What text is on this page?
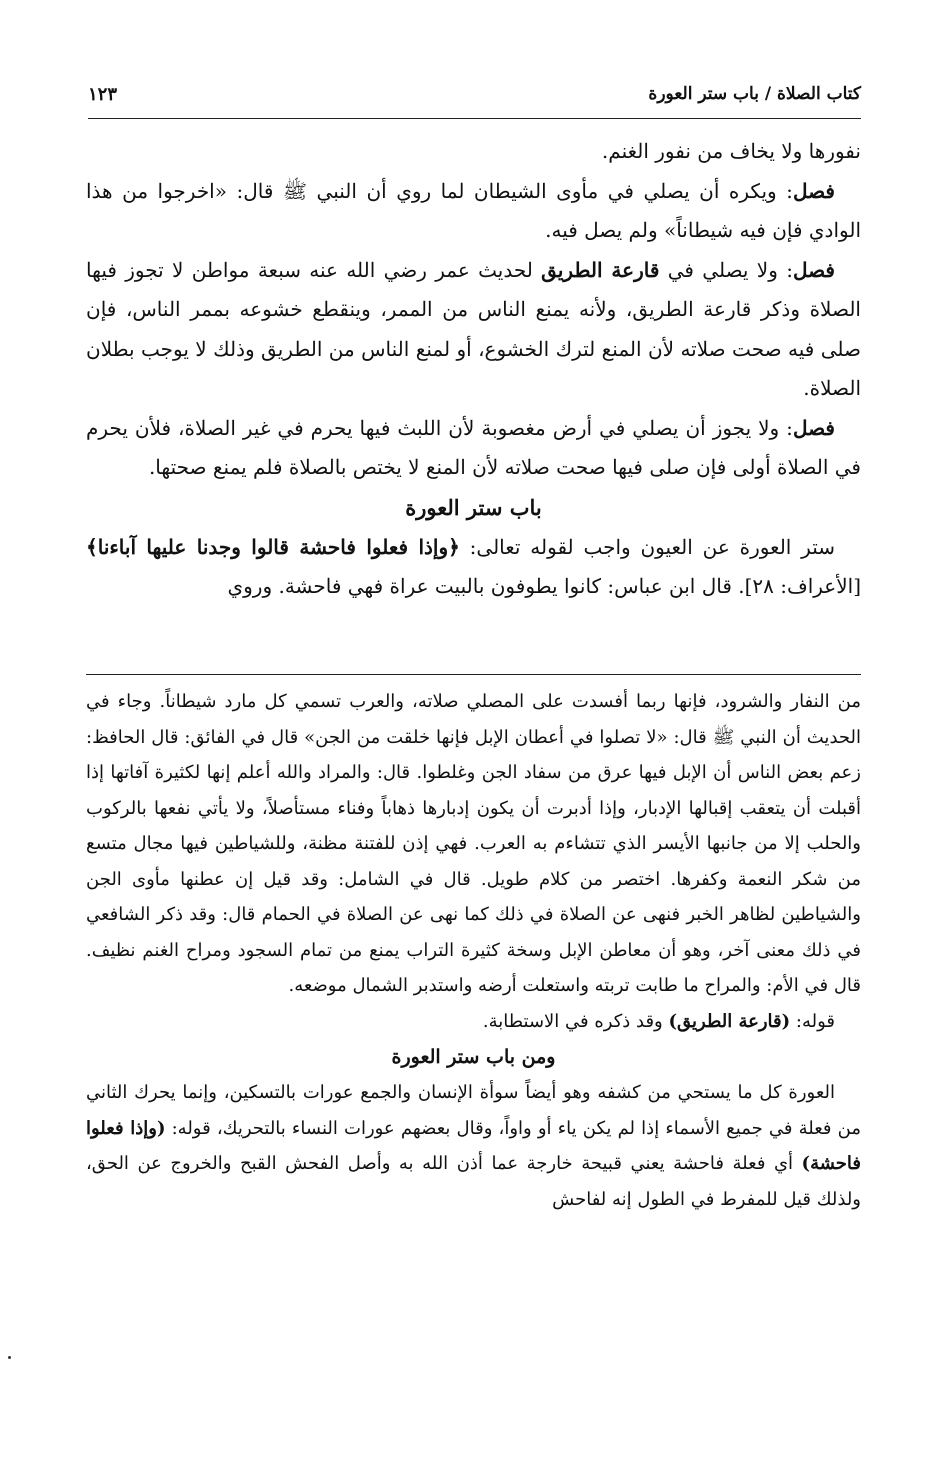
كتاب الصلاة / باب ستر العورة
١٢٣

نفورها ولا يخاف من نفور الغنم.

فصل: ويكره أن يصلي في مأوى الشيطان لما روي أن النبي ﷺ قال: «اخرجوا من هذا الوادي فإن فيه شيطاناً» ولم يصل فيه.

فصل: ولا يصلي في قارعة الطريق لحديث عمر رضي الله عنه سبعة مواطن لا تجوز فيها الصلاة وذكر قارعة الطريق، ولأنه يمنع الناس من الممر، وينقطع خشوعه بممر الناس، فإن صلى فيه صحت صلاته لأن المنع لترك الخشوع، أو لمنع الناس من الطريق وذلك لا يوجب بطلان الصلاة.

فصل: ولا يجوز أن يصلي في أرض مغصوبة لأن اللبث فيها يحرم في غير الصلاة، فلأن يحرم في الصلاة أولى فإن صلى فيها صحت صلاته لأن المنع لا يختص بالصلاة فلم يمنع صحتها.

باب ستر العورة

ستر العورة عن العيون واجب لقوله تعالى: ﴿وإذا فعلوا فاحشة قالوا وجدنا عليها آباءنا﴾ [الأعراف: ٢٨]. قال ابن عباس: كانوا يطوفون بالبيت عراة فهي فاحشة. وروي

من النفار والشرود، فإنها ربما أفسدت على المصلي صلاته، والعرب تسمي كل مارد شيطاناً. وجاء في الحديث أن النبي ﷺ قال: «لا تصلوا في أعطان الإبل فإنها خلقت من الجن» قال في الفائق: قال الحافظ: زعم بعض الناس أن الإبل فيها عرق من سفاد الجن وغلطوا. قال: والمراد والله أعلم إنها لكثيرة آفاتها إذا أقبلت أن يتعقب إقبالها الإدبار، وإذا أدبرت أن يكون إدبارها ذهاباً وفناء مستأصلاً، ولا يأتي نفعها بالركوب والحلب إلا من جانبها الأيسر الذي تتشاءم به العرب. فهي إذن للفتنة مظنة، وللشياطين فيها مجال متسع من شكر النعمة وكفرها. اختصر من كلام طويل. قال في الشامل: وقد قيل إن عطنها مأوى الجن والشياطين لظاهر الخبر فنهى عن الصلاة في ذلك كما نهى عن الصلاة في الحمام قال: وقد ذكر الشافعي في ذلك معنى آخر، وهو أن معاطن الإبل وسخة كثيرة التراب يمنع من تمام السجود ومراح الغنم نظيف. قال في الأم: والمراح ما طابت تربته واستعلت أرضه واستدبر الشمال موضعه.

قوله: (قارعة الطريق) وقد ذكره في الاستطابة.

ومن باب ستر العورة

العورة كل ما يستحي من كشفه وهو أيضاً سوأة الإنسان والجمع عورات بالتسكين، وإنما يحرك الثاني من فعلة في جميع الأسماء إذا لم يكن ياء أو واواً، وقال بعضهم عورات النساء بالتحريك، قوله: (وإذا فعلوا فاحشة) أي فعلة فاحشة يعني قبيحة خارجة عما أذن الله به وأصل الفحش القبح والخروج عن الحق، ولذلك قيل للمفرط في الطول إنه لفاحش
